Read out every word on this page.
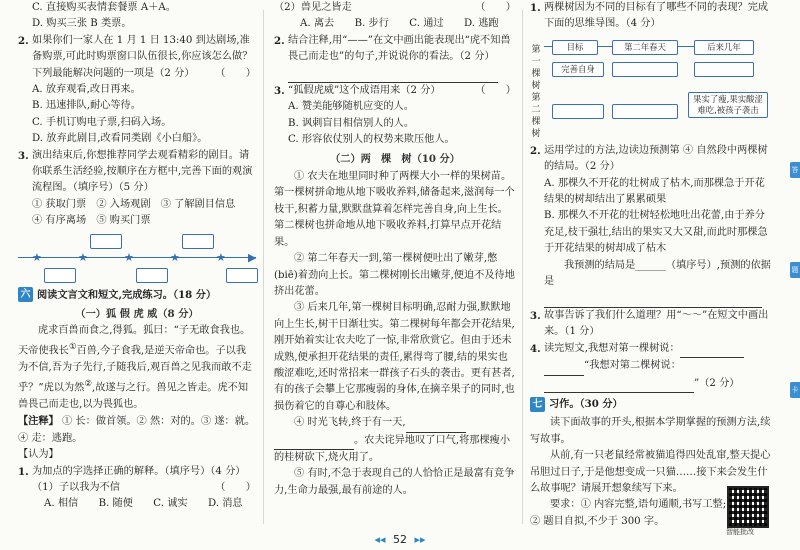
C. 直接购买表情套餐票 A＋A。

D. 购买三张 B 类票。

2. 如果你们一家人在 1 月 1 日 13:40 到达剧场,准备购票,可此时购票窗口队伍很长,你应该怎么做？下列最能解决问题的一项是（2 分） （　　）

A. 放弃观看,改日再来。

B. 迅速排队,耐心等待。

C. 手机订购电子票,扫码入场。

D. 放弃此剧目,改看同类剧《小白船》。

3. 演出结束后,你想推荐同学去观看精彩的剧目。请你联系生活经验,按顺序在方框中,完善下面的观演流程图。（填序号）（5 分）

① 获取门票　② 入场观剧　③ 了解剧目信息

④ 有序离场　⑤ 购买门票

★	★	★	★	★ ▶
六 阅读文言文和短文,完成练习。（18 分）

（一）狐 假 虎 威（8 分）

虎求百兽而食之,得狐。狐曰：“子无敢食我也。天帝使我长①百兽,今子食我,是逆天帝命也。子以我为不信,吾为子先行,子随我后,观百兽之见我而敢不走乎？”虎以为然②,故遂与之行。兽见之皆走。虎不知兽畏己而走也,以为畏狐也。

【注释】 ① 长：做首领。② 然：对的。③ 遂：就。④ 走：逃跑。

【认为】

1. 为加点的字选择正确的解释。（填序号）（4 分）

（1）子以我为不信	（　　）

A. 相信　　B. 随便　　C. 诚实　　D. 消息

（2）兽见之皆走	（　　）

A. 离去　　B. 步行　　C. 通过　　D. 逃跑

2. 结合注释,用“——”在文中画出能表现出“虎不知兽畏己而走也”的句子,并说说你的看法。（2 分）

3. “狐假虎威”这个成语用来（2 分）	（　　）

A. 赞美能够随机应变的人。

B. 讽刺盲目相信别人的人。

C. 形容依仗别人的权势来欺压他人。

（二）两　棵　树（10 分）

① 农夫在地里同时种了两棵大小一样的果树苗。第一棵树拼命地从地下吸收养料,储备起来,滋润每一个枝干,积蓄力量,默默盘算着怎样完善自身,向上生长。第二棵树也拼命地从地下吸收养料,打算早点开花结果。

② 第二年春天一到,第一棵树便吐出了嫩芽,憋(biē)着劲向上长。第二棵树刚长出嫩芽,便迫不及待地挤出花蕾。

③ 后来几年,第一棵树目标明确,忍耐力强,默默地向上生长,树干日渐壮实。第二棵树每年都会开花结果,刚开始着实让农夫吃了一惊,非常欣赏它。但由于还未成熟,便承担开花结果的责任,累得弯了腰,结的果实也酸涩难吃,还时常招来一群孩子石头的袭击。更有甚者,有的孩子会攀上它那瘦弱的身体,在摘辛果子的同时,也损伤着它的自尊心和肢体。

④ 时光飞转,终于有一天,   。农夫诧异地叹了口气,将那棵瘦小的桂树砍下,烧火用了。

⑤ 有时,不急于表现自己的人恰恰正是最富有竞争力,生命力最强,最有前途的人。

1. 两棵树因为不同的目标有了哪些不同的表现？完成下面的思维导图。（4 分）
第一棵树
第二棵树
目标	第二年春天	后来几年
完善自身
果实了瘦,果实酸涩难吃,被孩子袭击
2. 运用学过的方法,边读边预测第 ④ 自然段中两棵树的结局。（2 分）

A. 那棵久不开花的壮树成了枯木,而那棵急于开花结果的树却结出了累累硕果

B. 那棵久不开花的壮树轻松地吐出花蕾,由于养分充足,枝干强壮,结出的果实又大又甜,而此时那棵急于开花结果的树却成了枯木

我预测的结局是______（填序号）,预测的依据是

3. 故事告诉了我们什么道理？用“～～”在短文中画出来。（1 分）
4. 读完短文,我想对第一棵树说：

“我想对第二棵树说：

”（2 分）

七 习作。（30 分）

读下面故事的开头,根据本学期掌握的预测方法,续写故事。

从前,有一只老鼠经常被猫追得四处乱窜,整天提心吊胆过日子,于是他想变成一只猫……接下来会发生什么故事呢？请展开想象续写下来。

要求：① 内容完整,语句通顺,书写工整;

② 题目自拟,不少于 300 字。

智能批改
答
题
卡
◂◂ 52 ▸▸
